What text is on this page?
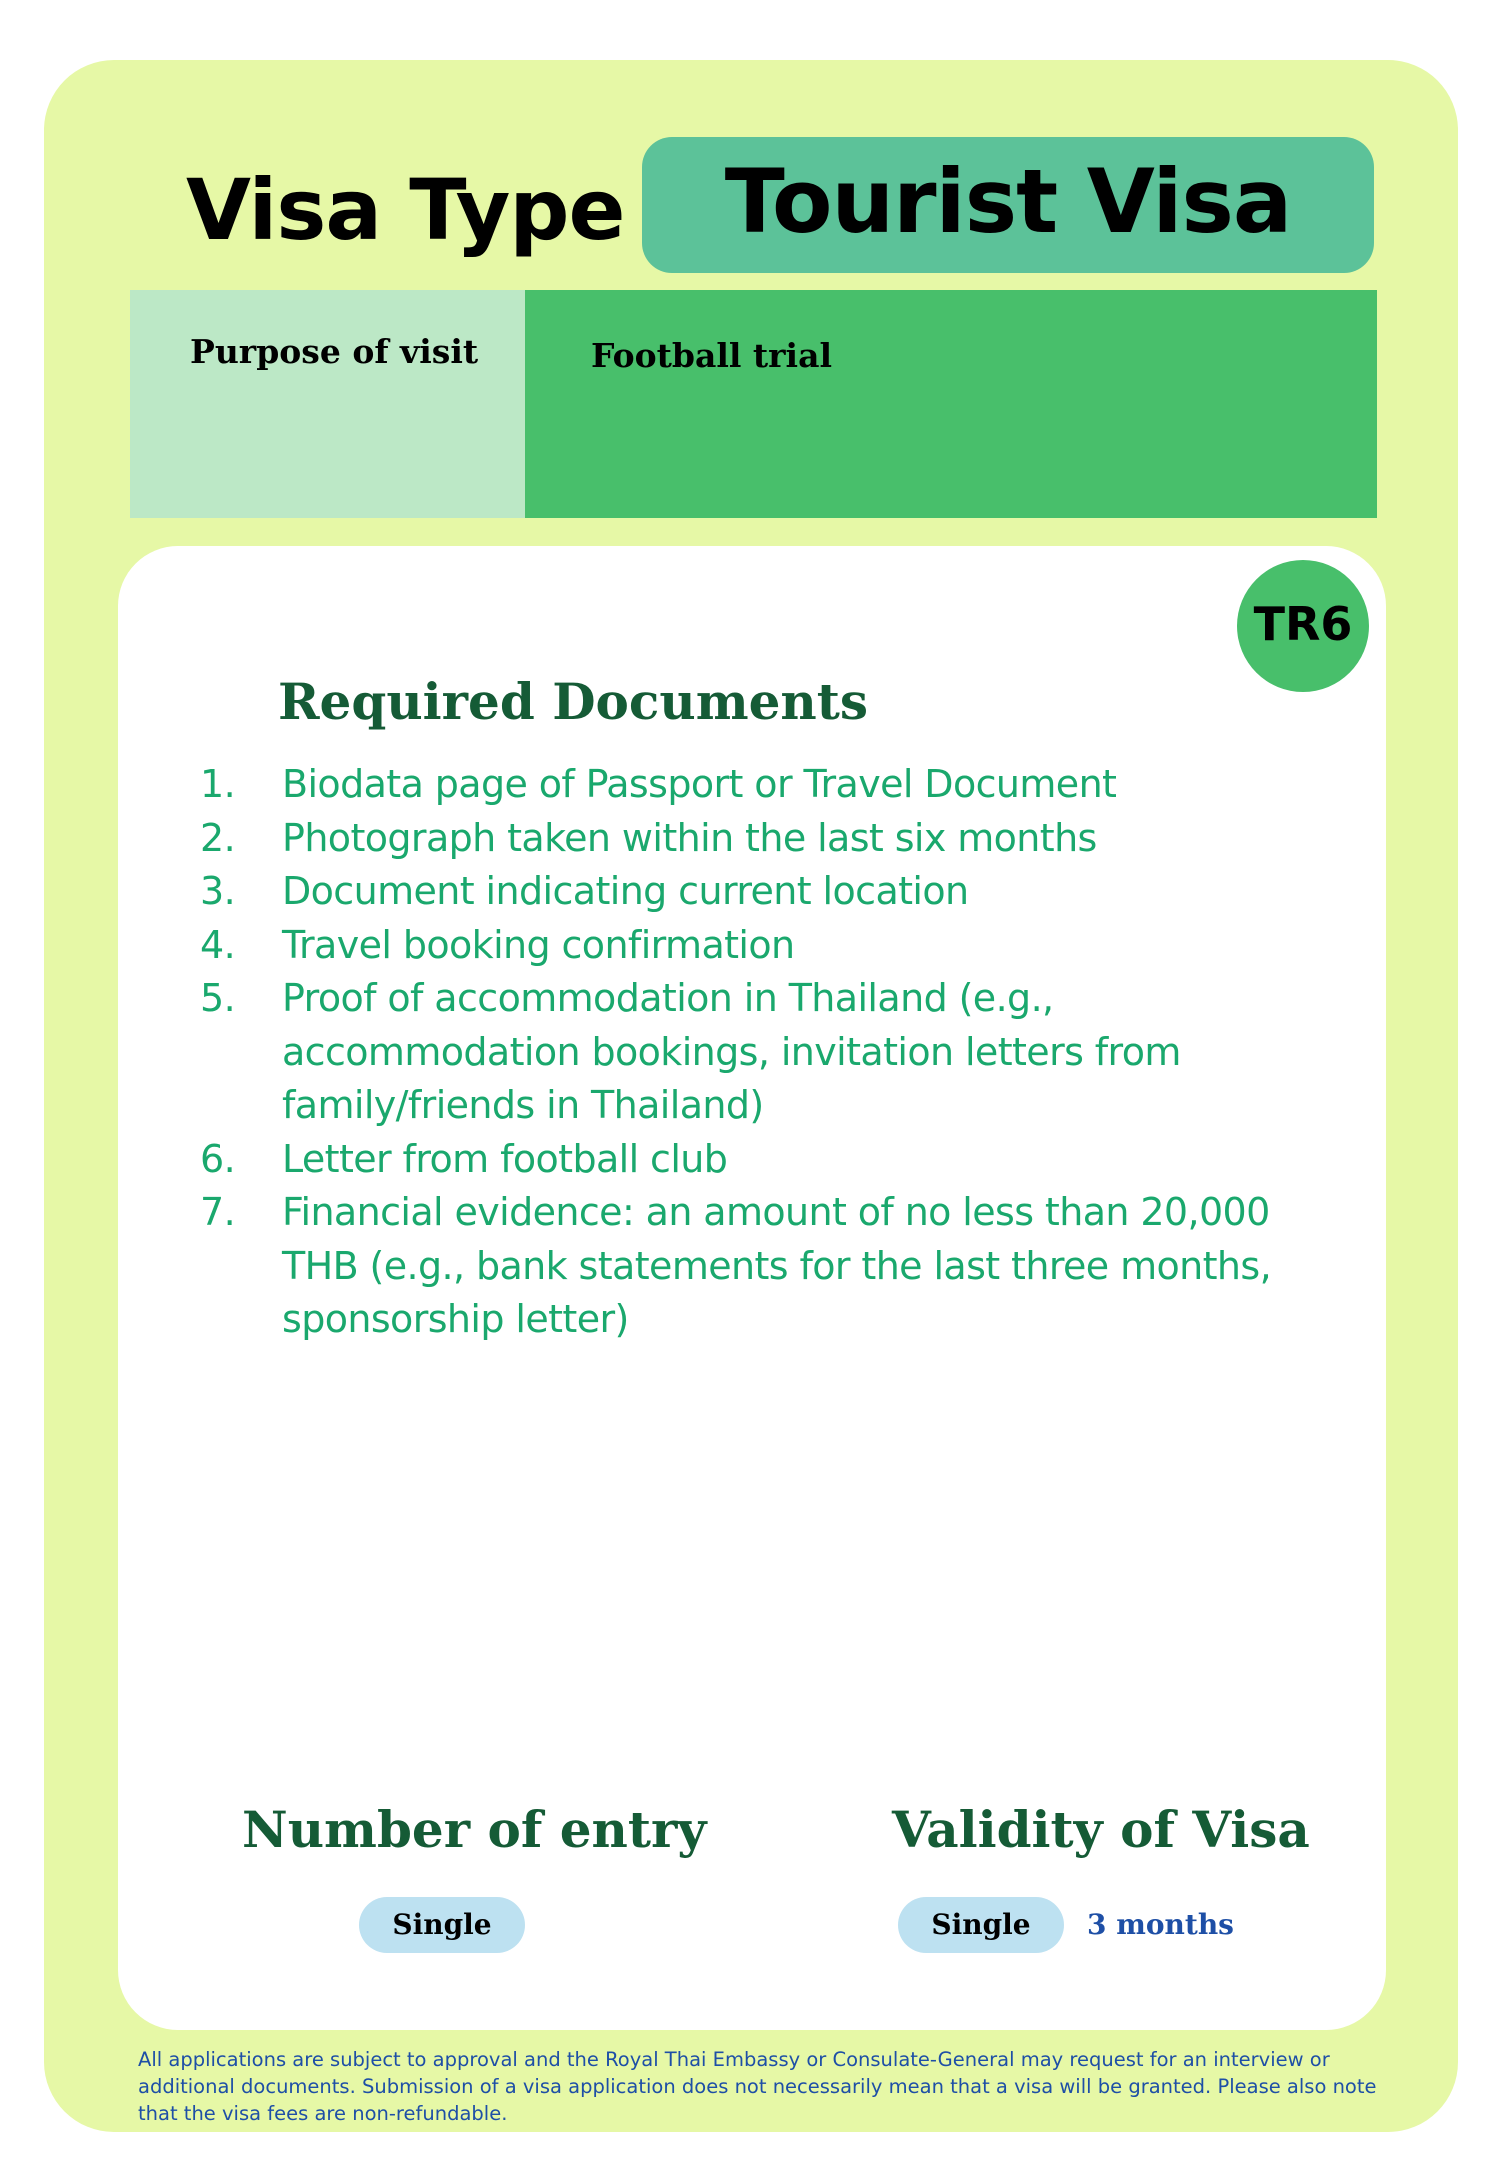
Visa Type	Tourist Visa
Purpose of visit	Football trial
TR6
Required Documents
1.	Biodata page of Passport or Travel Document
2.	Photograph taken within the last six months
3.	Document indicating current location
4.	Travel booking confirmation
5.	Proof of accommodation in Thailand (e.g., accommodation bookings, invitation letters from family/friends in Thailand)
6.	Letter from football club
7.	Financial evidence: an amount of no less than 20,000 THB (e.g., bank statements for the last three months, sponsorship letter)
Number of entry	Validity of Visa
Single	Single	3 months
All applications are subject to approval and the Royal Thai Embassy or Consulate-General may request for an interview or additional documents. Submission of a visa application does not necessarily mean that a visa will be granted. Please also note that the visa fees are non-refundable.
